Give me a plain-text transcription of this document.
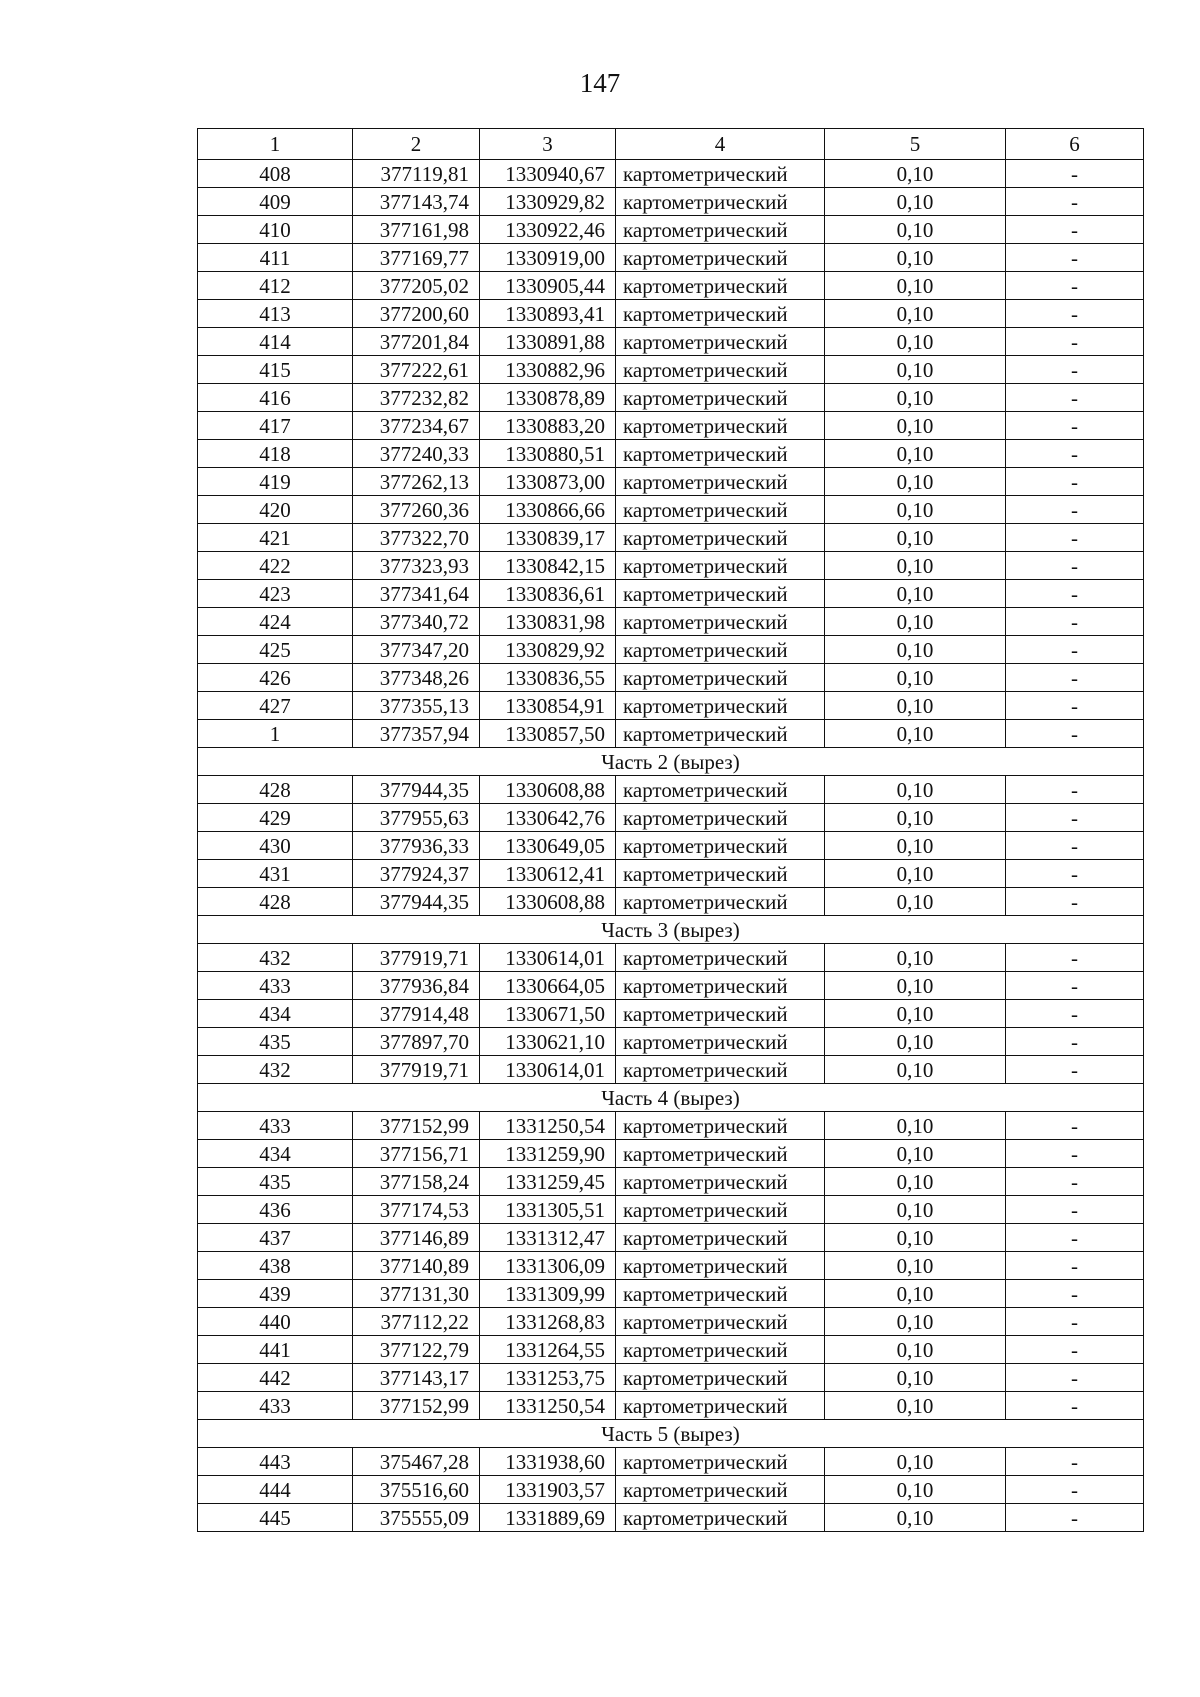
147
1	2	3	4	5	6
408	377119,81	1330940,67	картометрический	0,10	-
409	377143,74	1330929,82	картометрический	0,10	-
410	377161,98	1330922,46	картометрический	0,10	-
411	377169,77	1330919,00	картометрический	0,10	-
412	377205,02	1330905,44	картометрический	0,10	-
413	377200,60	1330893,41	картометрический	0,10	-
414	377201,84	1330891,88	картометрический	0,10	-
415	377222,61	1330882,96	картометрический	0,10	-
416	377232,82	1330878,89	картометрический	0,10	-
417	377234,67	1330883,20	картометрический	0,10	-
418	377240,33	1330880,51	картометрический	0,10	-
419	377262,13	1330873,00	картометрический	0,10	-
420	377260,36	1330866,66	картометрический	0,10	-
421	377322,70	1330839,17	картометрический	0,10	-
422	377323,93	1330842,15	картометрический	0,10	-
423	377341,64	1330836,61	картометрический	0,10	-
424	377340,72	1330831,98	картометрический	0,10	-
425	377347,20	1330829,92	картометрический	0,10	-
426	377348,26	1330836,55	картометрический	0,10	-
427	377355,13	1330854,91	картометрический	0,10	-
1	377357,94	1330857,50	картометрический	0,10	-
Часть 2 (вырез)					
428	377944,35	1330608,88	картометрический	0,10	-
429	377955,63	1330642,76	картометрический	0,10	-
430	377936,33	1330649,05	картометрический	0,10	-
431	377924,37	1330612,41	картометрический	0,10	-
428	377944,35	1330608,88	картометрический	0,10	-
Часть 3 (вырез)					
432	377919,71	1330614,01	картометрический	0,10	-
433	377936,84	1330664,05	картометрический	0,10	-
434	377914,48	1330671,50	картометрический	0,10	-
435	377897,70	1330621,10	картометрический	0,10	-
432	377919,71	1330614,01	картометрический	0,10	-
Часть 4 (вырез)					
433	377152,99	1331250,54	картометрический	0,10	-
434	377156,71	1331259,90	картометрический	0,10	-
435	377158,24	1331259,45	картометрический	0,10	-
436	377174,53	1331305,51	картометрический	0,10	-
437	377146,89	1331312,47	картометрический	0,10	-
438	377140,89	1331306,09	картометрический	0,10	-
439	377131,30	1331309,99	картометрический	0,10	-
440	377112,22	1331268,83	картометрический	0,10	-
441	377122,79	1331264,55	картометрический	0,10	-
442	377143,17	1331253,75	картометрический	0,10	-
433	377152,99	1331250,54	картометрический	0,10	-
Часть 5 (вырез)					
443	375467,28	1331938,60	картометрический	0,10	-
444	375516,60	1331903,57	картометрический	0,10	-
445	375555,09	1331889,69	картометрический	0,10	-
